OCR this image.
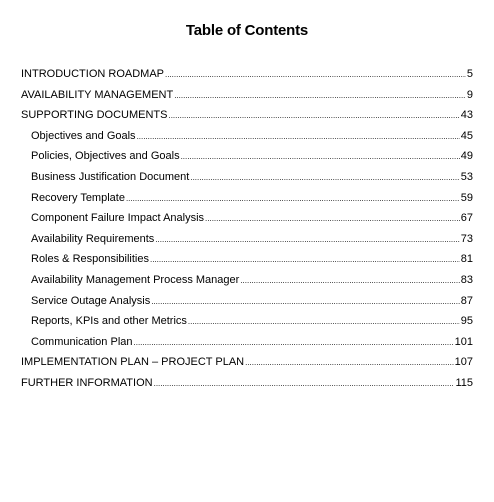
Table of Contents
INTRODUCTION ROADMAP .....	5
AVAILABILITY MANAGEMENT .....	9
SUPPORTING DOCUMENTS .....	43
Objectives and Goals .....	45
Policies, Objectives and Goals .....	49
Business Justification Document .....	53
Recovery Template .....	59
Component Failure Impact Analysis .....	67
Availability Requirements .....	73
Roles & Responsibilities .....	81
Availability Management Process Manager .....	83
Service Outage Analysis .....	87
Reports, KPIs and other Metrics .....	95
Communication Plan .....	101
IMPLEMENTATION PLAN – PROJECT PLAN .....	107
FURTHER INFORMATION .....	115
